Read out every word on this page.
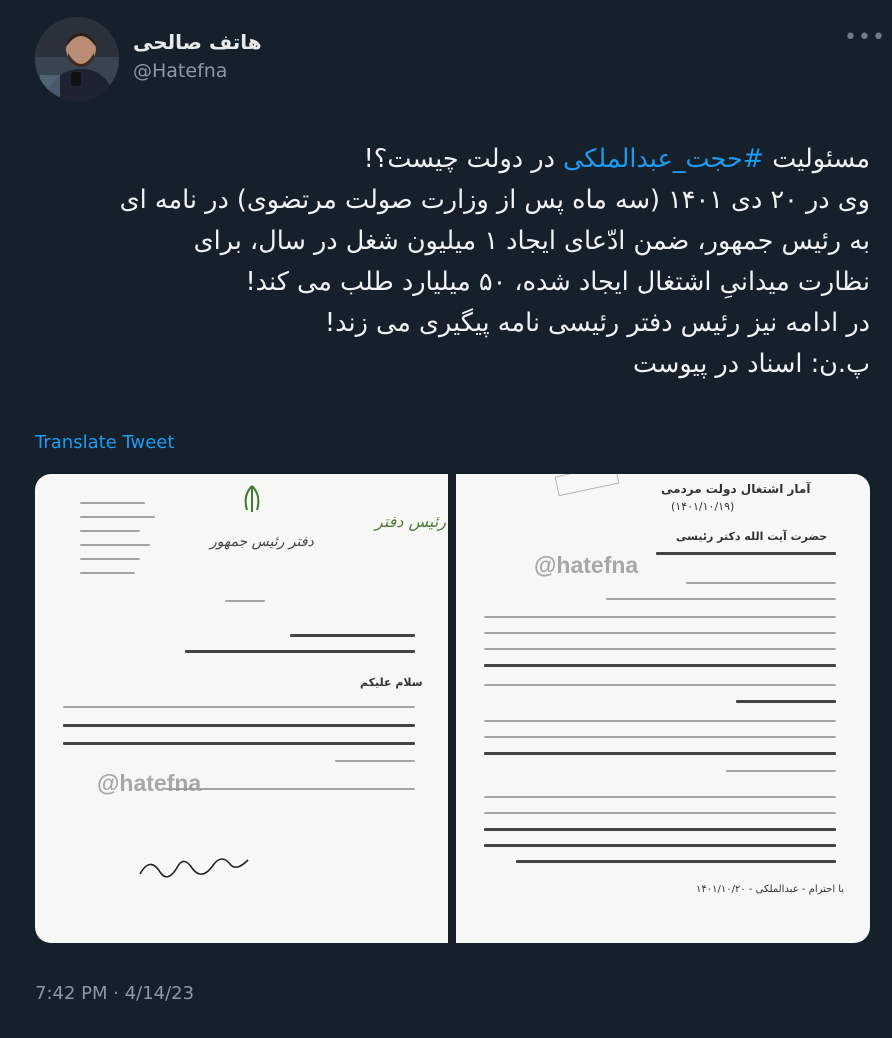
هاتف صالحی
@Hatefna
•••
مسئولیت #حجت_عبدالملکی در دولت چیست؟!
وی در ۲۰ دی ۱۴۰۱ (سه ماه پس از وزارت صولت مرتضوی) در نامه ای
به رئیس جمهور، ضمن ادّعای ایجاد ۱ میلیون شغل در سال، برای
نظارت میدانیِ اشتغال ایجاد شده، ۵۰ میلیارد طلب می کند!
در ادامه نیز رئیس دفتر رئیسی نامه پیگیری می زند!
پ.ن: اسناد در پیوست
Translate Tweet
رئیس دفتر
دفتر رئیس جمهور
سلام علیکم
@hatefna
آمار اشتغال دولت مردمی
(۱۴۰۱/۱۰/۱۹)
حضرت آیت الله دکتر رئیسی
@hatefna
با احترام - عبدالملکی - ۱۴۰۱/۱۰/۲۰
7:42 PM · 4/14/23
